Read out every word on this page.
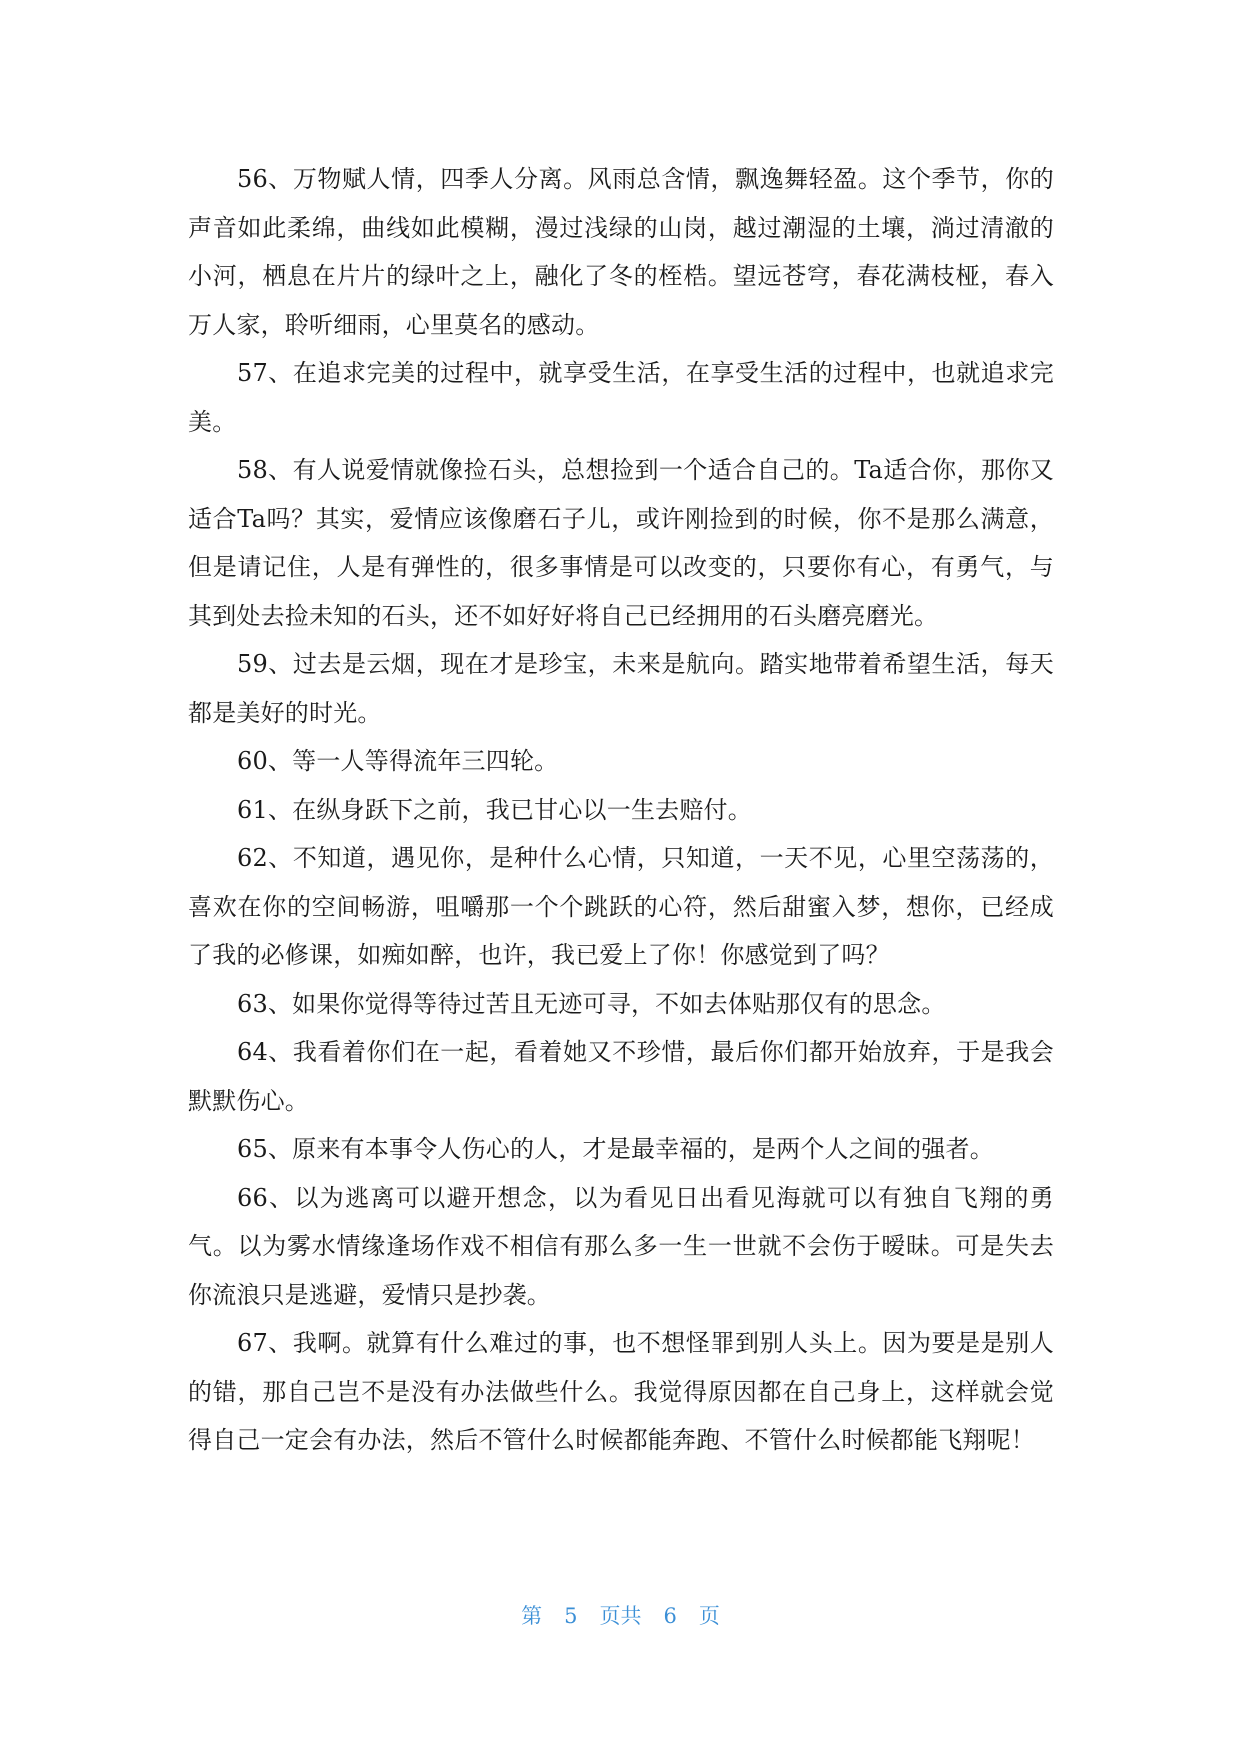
56、万物赋人情，四季人分离。风雨总含情，飘逸舞轻盈。这个季节，你的声音如此柔绵，曲线如此模糊，漫过浅绿的山岗，越过潮湿的土壤，淌过清澈的小河，栖息在片片的绿叶之上，融化了冬的桎梏。望远苍穹，春花满枝桠，春入万人家，聆听细雨，心里莫名的感动。

57、在追求完美的过程中，就享受生活，在享受生活的过程中，也就追求完美。

58、有人说爱情就像捡石头，总想捡到一个适合自己的。Ta适合你，那你又适合Ta吗？其实，爱情应该像磨石子儿，或许刚捡到的时候，你不是那么满意，但是请记住，人是有弹性的，很多事情是可以改变的，只要你有心，有勇气，与其到处去捡未知的石头，还不如好好将自己已经拥用的石头磨亮磨光。

59、过去是云烟，现在才是珍宝，未来是航向。踏实地带着希望生活，每天都是美好的时光。

60、等一人等得流年三四轮。

61、在纵身跃下之前，我已甘心以一生去赔付。

62、不知道，遇见你，是种什么心情，只知道，一天不见，心里空荡荡的，喜欢在你的空间畅游，咀嚼那一个个跳跃的心符，然后甜蜜入梦，想你，已经成了我的必修课，如痴如醉，也许，我已爱上了你！你感觉到了吗？

63、如果你觉得等待过苦且无迹可寻，不如去体贴那仅有的思念。

64、我看着你们在一起，看着她又不珍惜，最后你们都开始放弃，于是我会默默伤心。

65、原来有本事令人伤心的人，才是最幸福的，是两个人之间的强者。

66、以为逃离可以避开想念，以为看见日出看见海就可以有独自飞翔的勇气。以为雾水情缘逢场作戏不相信有那么多一生一世就不会伤于暧昧。可是失去你流浪只是逃避，爱情只是抄袭。

67、我啊。就算有什么难过的事，也不想怪罪到别人头上。因为要是是别人的错，那自己岂不是没有办法做些什么。我觉得原因都在自己身上，这样就会觉得自己一定会有办法，然后不管什么时候都能奔跑、不管什么时候都能飞翔呢！

第 5 页共 6 页
